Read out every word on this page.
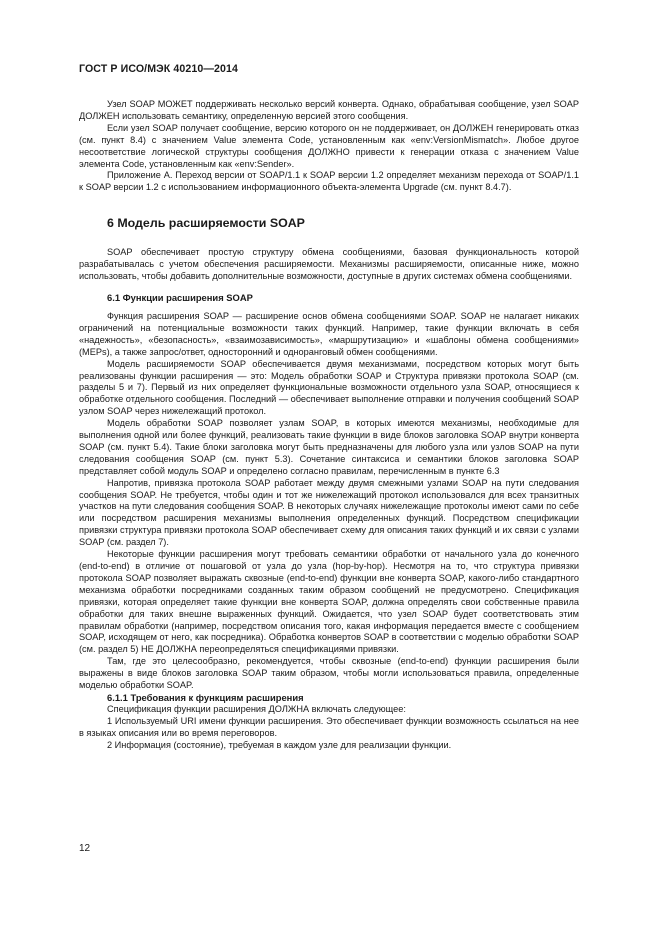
ГОСТ Р ИСО/МЭК 40210—2014

Узел SOAP МОЖЕТ поддерживать несколько версий конверта. Однако, обрабатывая сообщение, узел SOAP ДОЛЖЕН использовать семантику, определенную версией этого сообщения.

Если узел SOAP получает сообщение, версию которого он не поддерживает, он ДОЛЖЕН генерировать отказ (см. пункт 8.4) с значением Value элемента Code, установленным как «env:VersionMismatch». Любое другое несоответствие логической структуры сообщения ДОЛЖНО привести к генерации отказа с значением Value элемента Code, установленным как «env:Sender».

Приложение А. Переход версии от SOAP/1.1 к SOAP версии 1.2 определяет механизм перехода от SOAP/1.1 к SOAP версии 1.2 с использованием информационного объекта-элемента Upgrade (см. пункт 8.4.7).

6 Модель расширяемости SOAP

SOAP обеспечивает простую структуру обмена сообщениями, базовая функциональность которой разрабатывалась с учетом обеспечения расширяемости. Механизмы расширяемости, описанные ниже, можно использовать, чтобы добавить дополнительные возможности, доступные в других системах обмена сообщениями.

6.1 Функции расширения SOAP

Функция расширения SOAP — расширение основ обмена сообщениями SOAP. SOAP не налагает никаких ограничений на потенциальные возможности таких функций. Например, такие функции включать в себя «надежность», «безопасность», «взаимозависимость», «маршрутизацию» и «шаблоны обмена сообщениями» (MEPs), а также запрос/ответ, односторонний и одноранговый обмен сообщениями.

Модель расширяемости SOAP обеспечивается двумя механизмами, посредством которых могут быть реализованы функции расширения — это: Модель обработки SOAP и Структура привязки протокола SOAP (см. разделы 5 и 7). Первый из них определяет функциональные возможности отдельного узла SOAP, относящиеся к обработке отдельного сообщения. Последний — обеспечивает выполнение отправки и получения сообщений SOAP узлом SOAP через нижележащий протокол.

Модель обработки SOAP позволяет узлам SOAP, в которых имеются механизмы, необходимые для выполнения одной или более функций, реализовать такие функции в виде блоков заголовка SOAP внутри конверта SOAP (см. пункт 5.4). Такие блоки заголовка могут быть предназначены для любого узла или узлов SOAP на пути следования сообщения SOAP (см. пункт 5.3). Сочетание синтаксиса и семантики блоков заголовка SOAP представляет собой модуль SOAP и определено согласно правилам, перечисленным в пункте 6.3

Напротив, привязка протокола SOAP работает между двумя смежными узлами SOAP на пути следования сообщения SOAP. Не требуется, чтобы один и тот же нижележащий протокол использовался для всех транзитных участков на пути следования сообщения SOAP. В некоторых случаях нижележащие протоколы имеют сами по себе или посредством расширения механизмы выполнения определенных функций. Посредством спецификации привязки структура привязки протокола SOAP обеспечивает схему для описания таких функций и их связи с узлами SOAP (см. раздел 7).

Некоторые функции расширения могут требовать семантики обработки от начального узла до конечного (end-to-end) в отличие от пошаговой от узла до узла (hop-by-hop). Несмотря на то, что структура привязки протокола SOAP позволяет выражать сквозные (end-to-end) функции вне конверта SOAP, какого-либо стандартного механизма обработки посредниками созданных таким образом сообщений не предусмотрено. Спецификация привязки, которая определяет такие функции вне конверта SOAP, должна определять свои собственные правила обработки для таких внешне выраженных функций. Ожидается, что узел SOAP будет соответствовать этим правилам обработки (например, посредством описания того, какая информация передается вместе с сообщением SOAP, исходящем от него, как посредника). Обработка конвертов SOAP в соответствии с моделью обработки SOAP (см. раздел 5) НЕ ДОЛЖНА переопределяться спецификациями привязки.

Там, где это целесообразно, рекомендуется, чтобы сквозные (end-to-end) функции расширения были выражены в виде блоков заголовка SOAP таким образом, чтобы могли использоваться правила, определенные моделью обработки SOAP.

6.1.1 Требования к функциям расширения

Спецификация функции расширения ДОЛЖНА включать следующее:

1 Используемый URI имени функции расширения. Это обеспечивает функции возможность ссылаться на нее в языках описания или во время переговоров.

2 Информация (состояние), требуемая в каждом узле для реализации функции.

12
